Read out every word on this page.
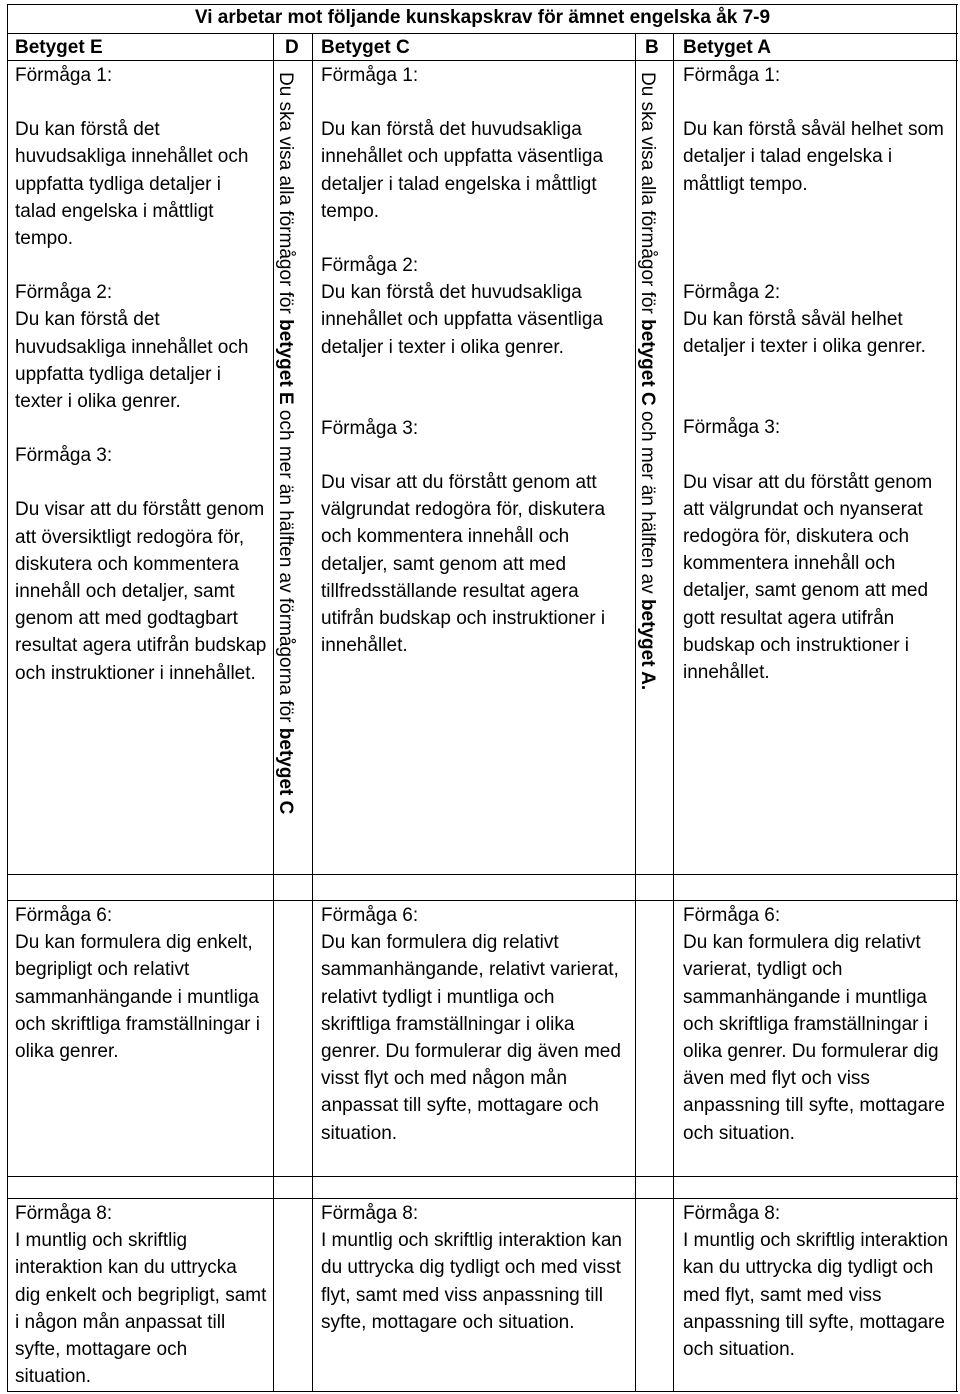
Vi arbetar mot följande kunskapskrav för ämnet engelska åk 7-9
Betyget E	D Betyget C	B Betyget A
Du ska visa alla förmågor för betyget E och mer än hälften av förmågorna för betyget C
Du ska visa alla förmågor för betyget C och mer än hälften av betyget A.

Förmåga 1:

Du kan förstå det huvudsakliga innehållet och uppfatta tydliga detaljer i talad engelska i måttligt tempo.

Förmåga 2:

Du kan förstå det huvudsakliga innehållet och uppfatta tydliga detaljer i texter i olika genrer.

Förmåga 3:

Du visar att du förstått genom att översiktligt redogöra för, diskutera och kommentera innehåll och detaljer, samt genom att med godtagbart resultat agera utifrån budskap och instruktioner i innehållet.

Förmåga 1:

Du kan förstå det huvudsakliga innehållet och uppfatta väsentliga detaljer i talad engelska i måttligt tempo.

Förmåga 2:

Du kan förstå det huvudsakliga innehållet och uppfatta väsentliga detaljer i texter i olika genrer.

Förmåga 3:

Du visar att du förstått genom att välgrundat redogöra för, diskutera och kommentera innehåll och detaljer, samt genom att med tillfredsställande resultat agera utifrån budskap och instruktioner i innehållet.

Förmåga 1:

Du kan förstå såväl helhet som detaljer i talad engelska i måttligt tempo.

Förmåga 2:

Du kan förstå såväl helhet detaljer i texter i olika genrer.

Förmåga 3:

Du visar att du förstått genom att välgrundat och nyanserat redogöra för, diskutera och kommentera innehåll och detaljer, samt genom att med gott resultat agera utifrån budskap och instruktioner i innehållet.

Förmåga 6:

Du kan formulera dig enkelt, begripligt och relativt sammanhängande i muntliga och skriftliga framställningar i olika genrer.

Förmåga 6:

Du kan formulera dig relativt sammanhängande, relativt varierat, relativt tydligt i muntliga och skriftliga framställningar i olika genrer. Du formulerar dig även med visst flyt och med någon mån anpassat till syfte, mottagare och situation.

Förmåga 6:

Du kan formulera dig relativt varierat, tydligt och sammanhängande i muntliga och skriftliga framställningar i olika genrer. Du formulerar dig även med flyt och viss anpassning till syfte, mottagare och situation.

Förmåga 8:

I muntlig och skriftlig interaktion kan du uttrycka dig enkelt och begripligt, samt i någon mån anpassat till syfte, mottagare och situation.

Förmåga 8:

I muntlig och skriftlig interaktion kan du uttrycka dig tydligt och med visst flyt, samt med viss anpassning till syfte, mottagare och situation.

Förmåga 8:

I muntlig och skriftlig interaktion kan du uttrycka dig tydligt och med flyt, samt med viss anpassning till syfte, mottagare och situation.
